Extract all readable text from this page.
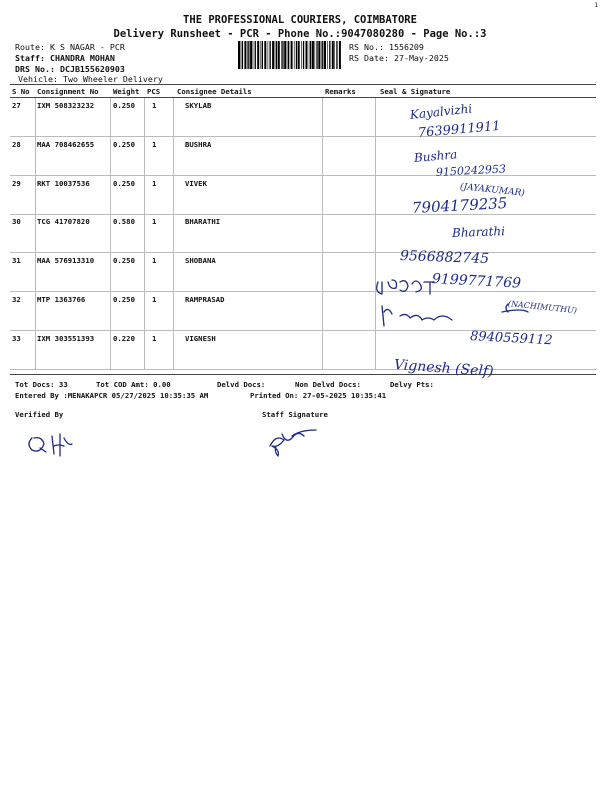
1
THE PROFESSIONAL COURIERS, COIMBATORE
Delivery Runsheet - PCR - Phone No.:9047080280 - Page No.:3
Route: K S NAGAR - PCR
Staff: CHANDRA MOHAN
DRS No.: DCJB155620903
Vehicle: Two Wheeler Delivery
RS No.: 1556209
RS Date: 27-May-2025
S No Consignment No Weight PCS Consignee Details	Remarks	Seal & Signature
27 IXM 508323232	0.250 1	SKYLAB
28 MAA 708462655	0.250 1	BUSHRA
29 RKT 10037536	0.250 1	VIVEK
30 TCG 41707820	0.580 1	BHARATHI
31 MAA 576913310	0.250 1	SHOBANA
32 MTP 1363766	0.250 1	RAMPRASAD
33 IXM 303551393	0.220 1	VIGNESH
Tot Docs: 33	Tot COD Amt: 0.00	Delvd Docs:	Non Delvd Docs:	Delvy Pts:
Entered By :MENAKAPCR 05/27/2025 10:35:35 AM	Printed On: 27-05-2025 10:35:41
Verified By	Staff Signature
Kayalvizhi
7639911911
Bushra
9150242953
(JAYAKUMAR)
7904179235
Bharathi
9566882745
9199771769
(NACHIMUTHU)
8940559112
Vignesh (Self)
